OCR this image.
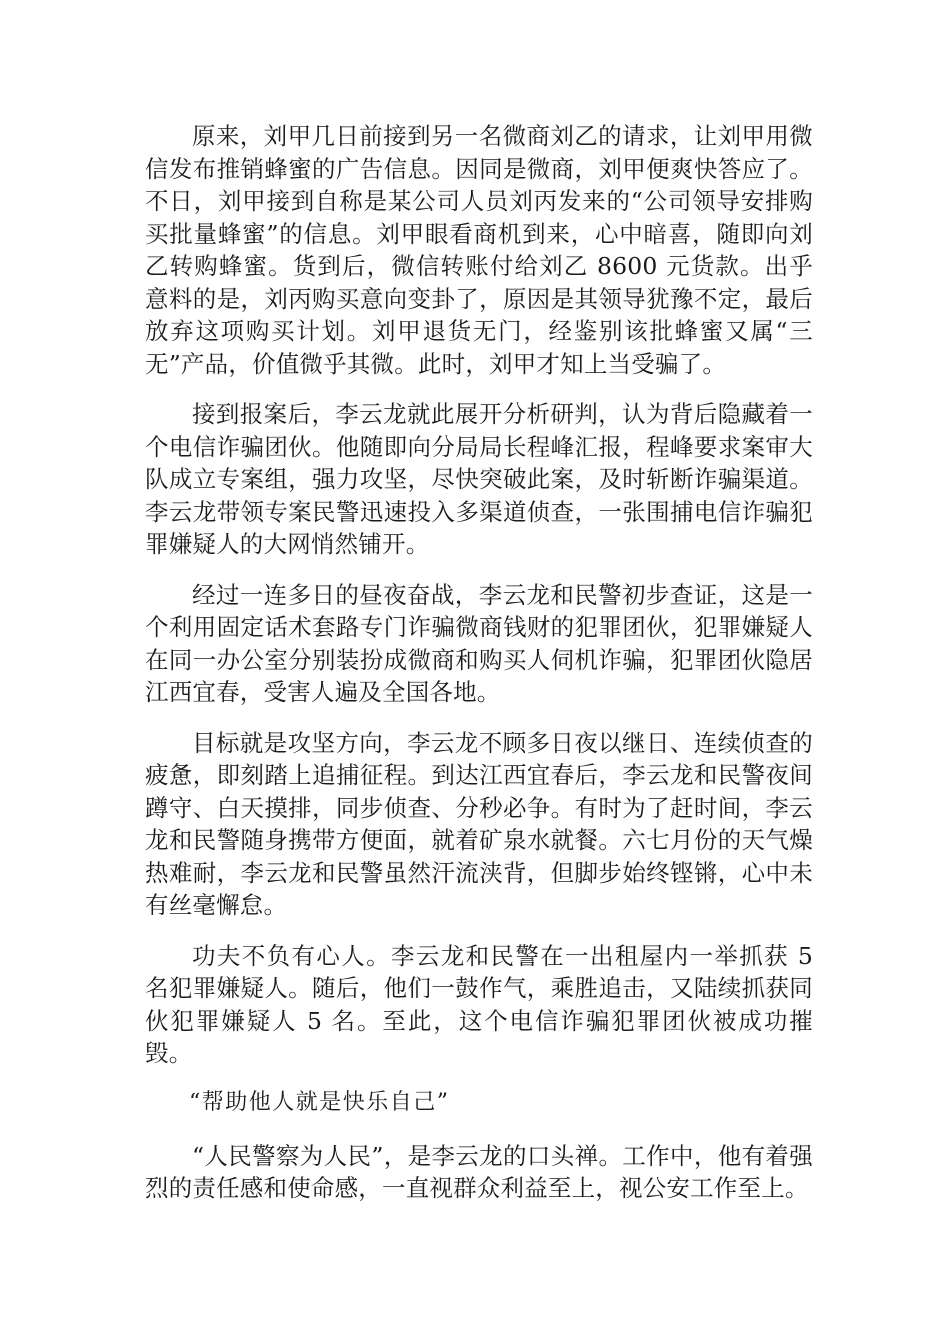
原来，刘甲几日前接到另一名微商刘乙的请求，让刘甲用微信发布推销蜂蜜的广告信息。因同是微商，刘甲便爽快答应了。不日，刘甲接到自称是某公司人员刘丙发来的“公司领导安排购买批量蜂蜜”的信息。刘甲眼看商机到来，心中暗喜，随即向刘乙转购蜂蜜。货到后，微信转账付给刘乙 8600 元货款。出乎意料的是，刘丙购买意向变卦了，原因是其领导犹豫不定，最后放弃这项购买计划。刘甲退货无门，经鉴别该批蜂蜜又属“三无”产品，价值微乎其微。此时，刘甲才知上当受骗了。

接到报案后，李云龙就此展开分析研判，认为背后隐藏着一个电信诈骗团伙。他随即向分局局长程峰汇报，程峰要求案审大队成立专案组，强力攻坚，尽快突破此案，及时斩断诈骗渠道。李云龙带领专案民警迅速投入多渠道侦查，一张围捕电信诈骗犯罪嫌疑人的大网悄然铺开。

经过一连多日的昼夜奋战，李云龙和民警初步查证，这是一个利用固定话术套路专门诈骗微商钱财的犯罪团伙，犯罪嫌疑人在同一办公室分别装扮成微商和购买人伺机诈骗，犯罪团伙隐居江西宜春，受害人遍及全国各地。

目标就是攻坚方向，李云龙不顾多日夜以继日、连续侦查的疲惫，即刻踏上追捕征程。到达江西宜春后，李云龙和民警夜间蹲守、白天摸排，同步侦查、分秒必争。有时为了赶时间，李云龙和民警随身携带方便面，就着矿泉水就餐。六七月份的天气燥热难耐，李云龙和民警虽然汗流浃背，但脚步始终铿锵，心中未有丝毫懈怠。

功夫不负有心人。李云龙和民警在一出租屋内一举抓获 5 名犯罪嫌疑人。随后，他们一鼓作气，乘胜追击，又陆续抓获同伙犯罪嫌疑人 5 名。至此，这个电信诈骗犯罪团伙被成功摧毁。

“帮助他人就是快乐自己”

“人民警察为人民”，是李云龙的口头禅。工作中，他有着强烈的责任感和使命感，一直视群众利益至上，视公安工作至上。
